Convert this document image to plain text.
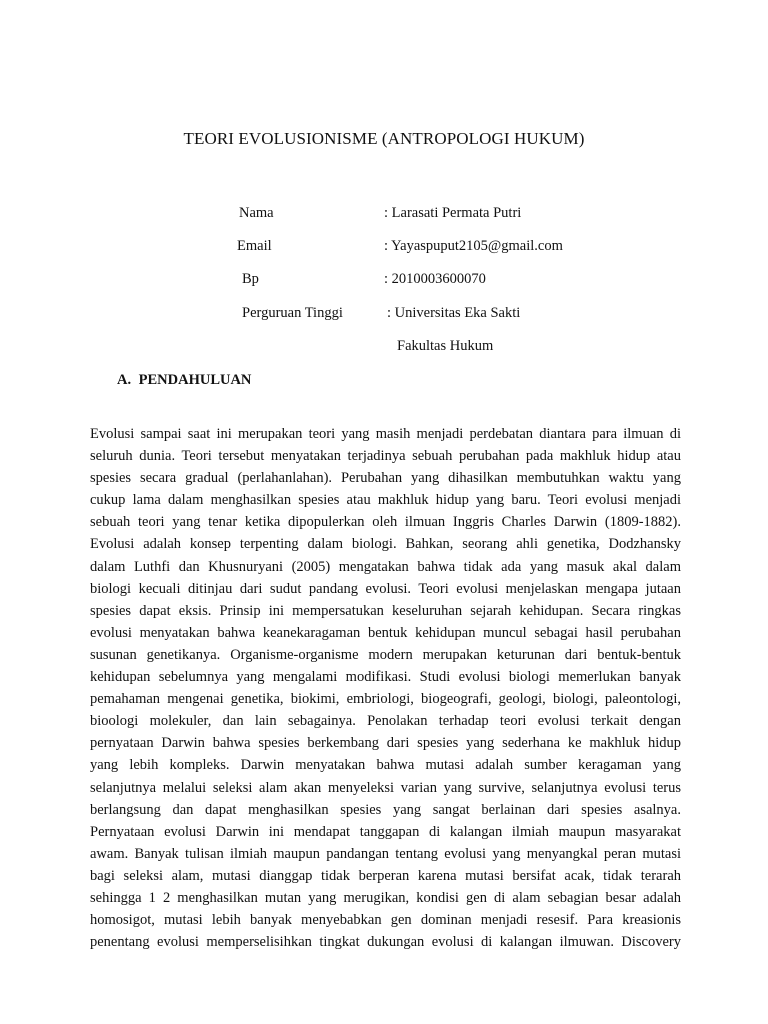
TEORI EVOLUSIONISME (ANTROPOLOGI HUKUM)
Nama	: Larasati Permata Putri
Email	: Yayaspuput2105@gmail.com
Bp	: 2010003600070
Perguruan Tinggi	: Universitas Eka Sakti
Fakultas Hukum
A. PENDAHULUAN
Evolusi sampai saat ini merupakan teori yang masih menjadi perdebatan diantara para ilmuan di
seluruh dunia. Teori tersebut menyatakan terjadinya sebuah perubahan pada makhluk hidup atau
spesies secara gradual (perlahanlahan). Perubahan yang dihasilkan membutuhkan waktu yang
cukup lama dalam menghasilkan spesies atau makhluk hidup yang baru. Teori evolusi menjadi
sebuah teori yang tenar ketika dipopulerkan oleh ilmuan Inggris Charles Darwin (1809-1882).
Evolusi adalah konsep terpenting dalam biologi. Bahkan, seorang ahli genetika, Dodzhansky
dalam Luthfi dan Khusnuryani (2005) mengatakan bahwa tidak ada yang masuk akal dalam
biologi kecuali ditinjau dari sudut pandang evolusi. Teori evolusi menjelaskan mengapa jutaan
spesies dapat eksis. Prinsip ini mempersatukan keseluruhan sejarah kehidupan. Secara ringkas
evolusi menyatakan bahwa keanekaragaman bentuk kehidupan muncul sebagai hasil perubahan
susunan genetikanya. Organisme-organisme modern merupakan keturunan dari bentuk-bentuk
kehidupan sebelumnya yang mengalami modifikasi. Studi evolusi biologi memerlukan banyak
pemahaman mengenai genetika, biokimi, embriologi, biogeografi, geologi, biologi, paleontologi,
bioologi molekuler, dan lain sebagainya. Penolakan terhadap teori evolusi terkait dengan
pernyataan Darwin bahwa spesies berkembang dari spesies yang sederhana ke makhluk hidup
yang lebih kompleks. Darwin menyatakan bahwa mutasi adalah sumber keragaman yang
selanjutnya melalui seleksi alam akan menyeleksi varian yang survive, selanjutnya evolusi terus
berlangsung dan dapat menghasilkan spesies yang sangat berlainan dari spesies asalnya.
Pernyataan evolusi Darwin ini mendapat tanggapan di kalangan ilmiah maupun masyarakat
awam. Banyak tulisan ilmiah maupun pandangan tentang evolusi yang menyangkal peran mutasi
bagi seleksi alam, mutasi dianggap tidak berperan karena mutasi bersifat acak, tidak terarah
sehingga 1 2 menghasilkan mutan yang merugikan, kondisi gen di alam sebagian besar adalah
homosigot, mutasi lebih banyak menyebabkan gen dominan menjadi resesif. Para kreasionis
penentang evolusi memperselisihkan tingkat dukungan evolusi di kalangan ilmuwan. Discovery
